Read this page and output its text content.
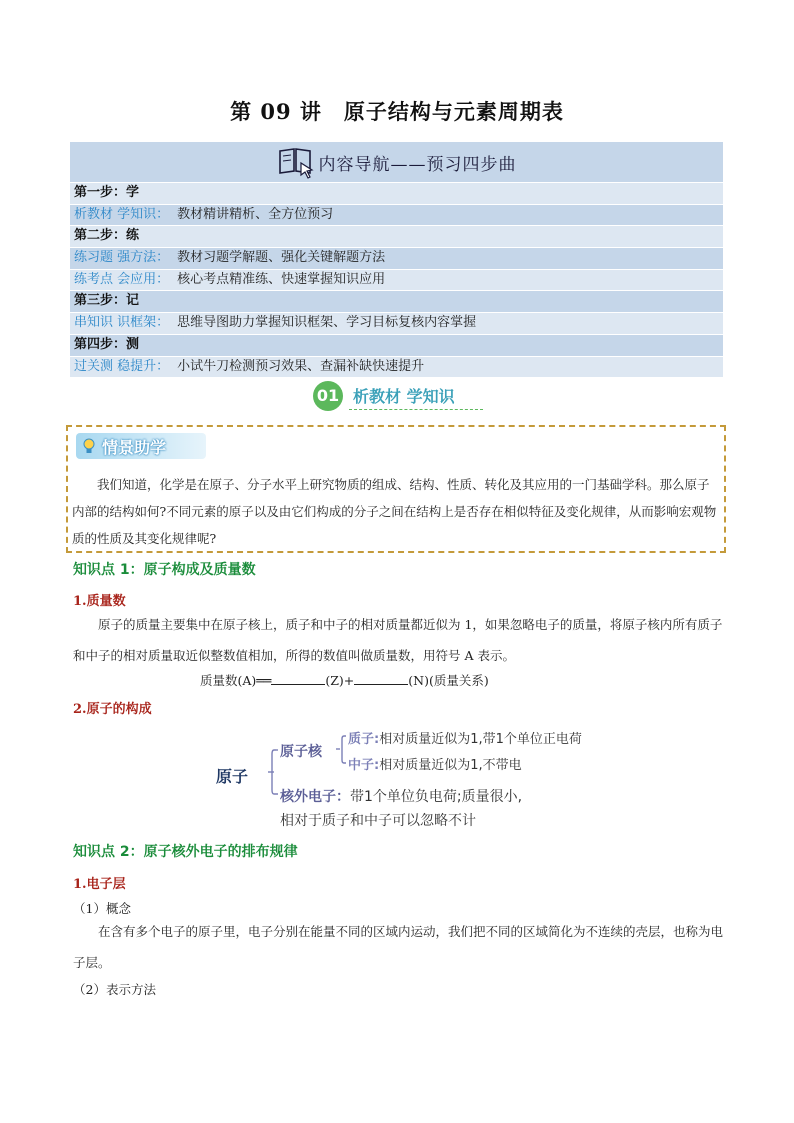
第 09 讲　原子结构与元素周期表
内容导航——预习四步曲
第一步：学
析教材 学知识： 教材精讲精析、全方位预习
第二步：练
练习题 强方法： 教材习题学解题、强化关键解题方法
练考点 会应用： 核心考点精准练、快速掌握知识应用
第三步：记
串知识 识框架： 思维导图助力掌握知识框架、学习目标复核内容掌握
第四步：测
过关测 稳提升： 小试牛刀检测预习效果、查漏补缺快速提升
01 析教材 学知识
情景助学
我们知道，化学是在原子、分子水平上研究物质的组成、结构、性质、转化及其应用的一门基础学科。那么原子内部的结构如何?不同元素的原子以及由它们构成的分子之间在结构上是否存在相似特征及变化规律，从而影响宏观物质的性质及其变化规律呢?
知识点 1：原子构成及质量数
1.质量数
原子的质量主要集中在原子核上，质子和中子的相对质量都近似为 1，如果忽略电子的质量，将原子核内所有质子和中子的相对质量取近似整数值相加，所得的数值叫做质量数，用符号 A 表示。
质量数(A)══	(Z)+	(N)(质量关系)
2.原子的构成
原子
原子核
质子:相对质量近似为1,带1个单位正电荷
中子:相对质量近似为1,不带电
核外电子：带1个单位负电荷;质量很小,
相对于质子和中子可以忽略不计
知识点 2：原子核外电子的排布规律
1.电子层
（1）概念
在含有多个电子的原子里，电子分别在能量不同的区域内运动，我们把不同的区域简化为不连续的壳层，也称为电子层。
（2）表示方法
